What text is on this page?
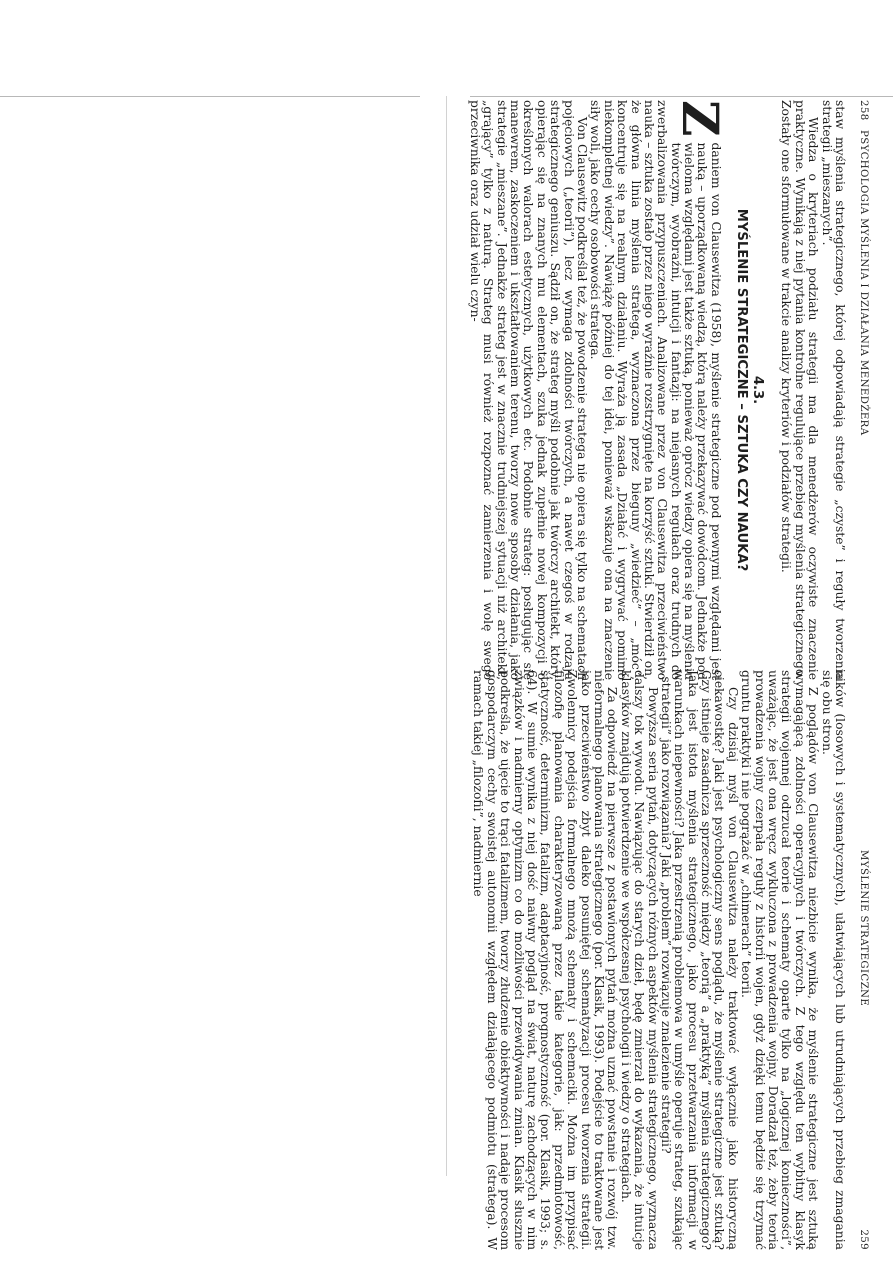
258
PSYCHOLOGIA MYŚLENIA I DZIAŁANIA MENEDŻERA

staw myślenia strategicznego, której odpowiadają strategie „czyste” i reguły tworzenia strategii „mieszanych”.

Wiedza o kryteriach podziału strategii ma dla menedżerów oczywiste znaczenie praktyczne. Wynikają z niej pytania kontrolne regulujące przebieg myślenia strategicznego. Zostały one sformułowane w trakcie analizy kryteriów i podziałów strategii.

4.3.
MYŚLENIE STRATEGICZNE – SZTUKA CZY NAUKA?

Z
daniem von Clausewitza (1958), myślenie strategiczne pod pewnymi względami jest nauką – uporządkowaną wiedzą, którą należy przekazywać dowódcom. Jednakże pod wieloma względami jest także sztuką, ponieważ oprócz wiedzy opiera się na myśleniu twórczym, wyobraźni, intuicji i fantazji: na niejasnych regułach oraz trudnych do zwerbalizowania przypuszczeniach. Analizowane przez von Clausewitza przeciwieństwo nauka – sztuka zostało przez niego wyraźnie rozstrzygnięte na korzyść sztuki. Stwierdził on, że główna linia myślenia stratega, wyznaczona przez bieguny „wiedzieć” – „móc”, koncentruje się na realnym działaniu. Wyraża ją zasada „Działać i wygrywać pomimo niekompletnej wiedzy”. Nawiążę później do tej idei, ponieważ wskazuje ona na znaczenie siły woli, jako cechy osobowości stratega.

Von Clausewitz podkreślał też, że powodzenie stratega nie opiera się tylko na schematach pojęciowych („teorii”), lecz wymaga zdolności twórczych, a nawet czegoś w rodzaju strategicznego geniuszu. Sądził on, że strateg myśli podobnie jak twórczy architekt, który, opierając się na znanych mu elementach, szuka jednak zupełnie nowej kompozycji o określonych walorach estetycznych, użytkowych etc. Podobnie strateg: posługując się manewrem, zaskoczeniem i ukształtowaniem terenu, tworzy nowe sposoby działania, jako strategie „mieszane”. Jednakże strateg jest w znacznie trudniejszej sytuacji niż architekt, „grający” tylko z naturą. Strateg musi również rozpoznać zamierzenia i wolę swego przeciwnika oraz udział wielu czyn-

MYŚLENIE STRATEGICZNE
259

ników (losowych i systematycznych), ułatwiających lub utrudniających przebieg zmagania się obu stron.

Z poglądów von Clausewitza niezbicie wynika, że myślenie strategiczne jest sztuką wymagającą zdolności operacyjnych i twórczych. Z tego względu ten wybitny klasyk strategii wojennej odrzucał teorie i schematy oparte tylko na „logicznej konieczności”, uważając, że jest ona wręcz wykluczona z prowadzenia wojny. Doradzał też, żeby teoria prowadzenia wojny czerpała reguły z historii wojen, gdyż dzięki temu będzie się trzymać gruntu praktyki i nie pogrążać w „chimerach” teorii.

Czy dzisiaj myśl von Clausewitza należy traktować wyłącznie jako historyczną ciekawostkę? Jaki jest psychologiczny sens poglądu, że myślenie strategiczne jest sztuką? Czy istnieje zasadnicza sprzeczność między „teorią” a „praktyką” myślenia strategicznego? Jaka jest istota myślenia strategicznego, jako procesu przetwarzania informacji w warunkach niepewności? Jaka przestrzenią problemowa w umyśle operuje strateg, szukając „strategii” jako rozwiązania? Jaki „problem” rozwiązuje znalezienie strategii?

Powyższa seria pytań, dotyczących różnych aspektów myślenia strategicznego, wyznacza dalszy tok wywodu. Nawiązując do starych dzieł, będę zmierzał do wykazania, że intuicje klasyków znajdują potwierdzenie we współczesnej psychologii i wiedzy o strategiach.

Za odpowiedź na pierwsze z postawionych pytań można uznać powstanie i rozwój tzw. nieformalnego planowania strategicznego (por. Klasik, 1993). Podejście to traktowane jest jako przeciwieństwo zbyt daleko posuniętej schematyzacji procesu tworzenia strategii. Zwolennicy podejścia formalnego mnożą schematy i schemaciki. Można im przypisać filozofię planowania charakteryzowaną przez takie kategorie, jak: przedmiotowość, statyczność, determinizm, fatalizm, adaptacyjność, prognostyczność (por. Klasik, 1993; s. 64). W sumie wynika z niej dość naiwny pogląd na świat, naturę zachodzących w nim związków i nadmierny optymizm co do możliwości przewidywania zmian. Klasik słusznie podkreśla, że ujęcie to trąci fatalizmem, tworzy złudzenie obiektywności i nadaje procesom gospodarczym cechy swoistej autonomii względem działającego podmiotu (stratega). W ramach takiej „filozofii”, nadmiernie
